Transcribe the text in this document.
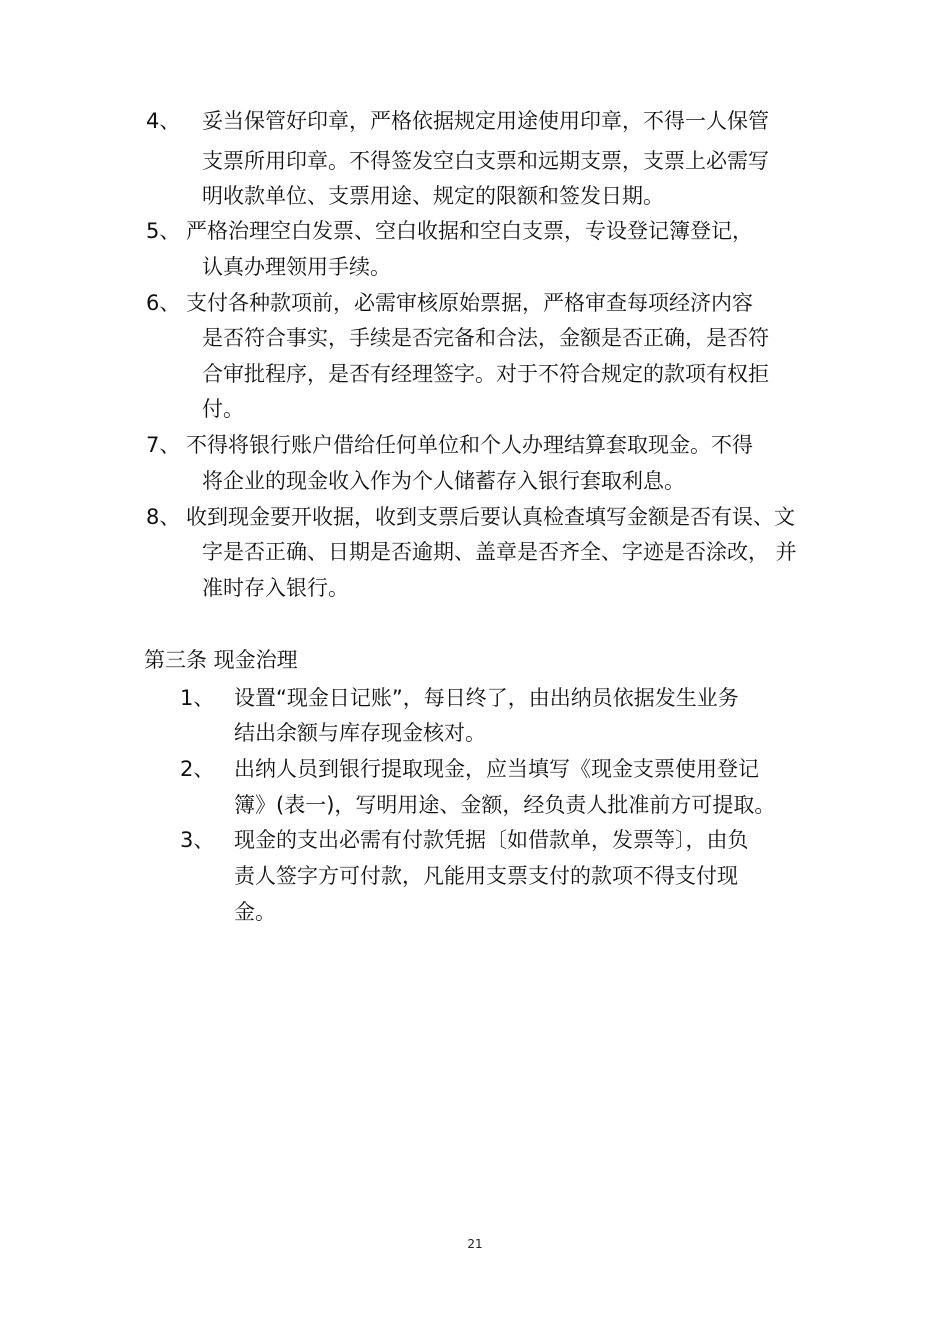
4、 妥当保管好印章，严格依据规定用途使用印章，不得一人保管
支票所用印章。不得签发空白支票和远期支票，支票上必需写
明收款单位、支票用途、规定的限额和签发日期。
5、 严格治理空白发票、空白收据和空白支票，专设登记簿登记，
认真办理领用手续。
6、 支付各种款项前，必需审核原始票据，严格审查每项经济内容
是否符合事实，手续是否完备和合法，金额是否正确，是否符
合审批程序，是否有经理签字。对于不符合规定的款项有权拒
付。
7、 不得将银行账户借给任何单位和个人办理结算套取现金。不得
将企业的现金收入作为个人储蓄存入银行套取利息。
8、 收到现金要开收据，收到支票后要认真检查填写金额是否有误、文
字是否正确、日期是否逾期、盖章是否齐全、字迹是否涂改， 并
准时存入银行。
第三条 现金治理
1、 设置“现金日记账”，每日终了，由出纳员依据发生业务
结出余额与库存现金核对。
2、 出纳人员到银行提取现金，应当填写《现金支票使用登记
簿》(表一)，写明用途、金额，经负责人批准前方可提取。
3、 现金的支出必需有付款凭据〔如借款单，发票等〕，由负
责人签字方可付款，凡能用支票支付的款项不得支付现
金。
21
